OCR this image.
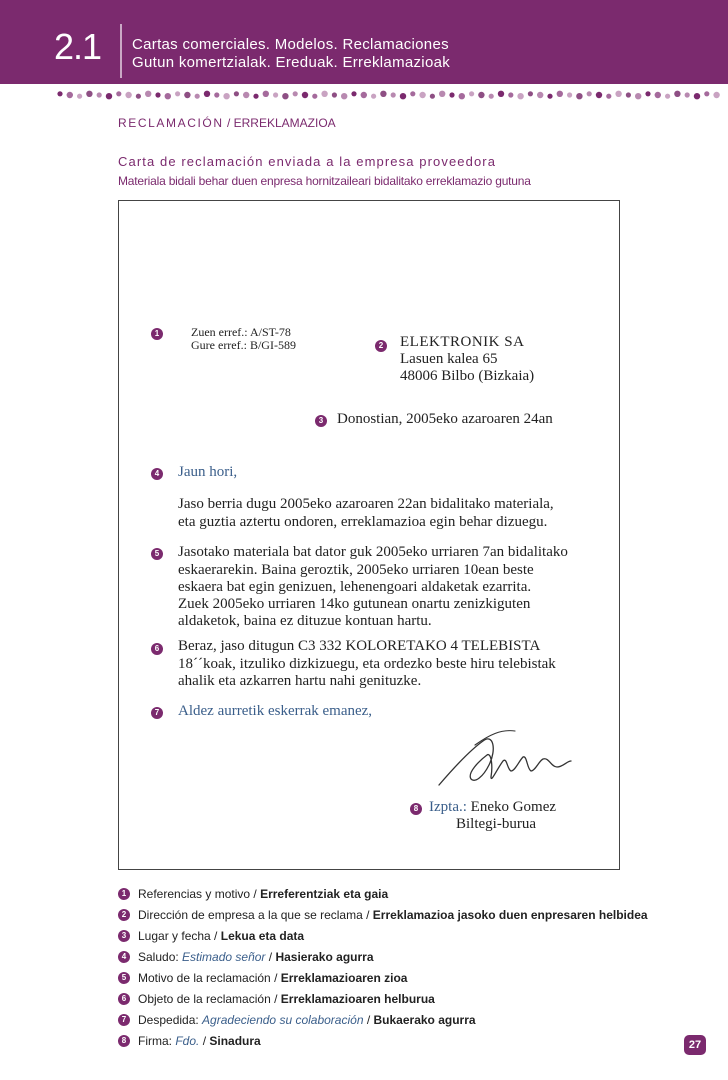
2.1	Cartas comerciales. Modelos. Reclamaciones
Gutun komertzialak. Ereduak. Erreklamazioak
RECLAMACIÓN / ERREKLAMAZIOA
Carta de reclamación enviada a la empresa proveedora
Materiala bidali behar duen enpresa hornitzaileari bidalitako erreklamazio gutuna
1	Zuen erref.: A/ST-78
Gure erref.: B/GI-589	2 ELEKTRONIK SA
Lasuen kalea 65
48006 Bilbo (Bizkaia)
3 Donostian, 2005eko azaroaren 24an
4 Jaun hori,
Jaso berria dugu 2005eko azaroaren 22an bidalitako materiala,
eta guztia aztertu ondoren, erreklamazioa egin behar dizuegu.
5 Jasotako materiala bat dator guk 2005eko urriaren 7an bidalitako
eskaerarekin. Baina geroztik, 2005eko urriaren 10ean beste
eskaera bat egin genizuen, lehenengoari aldaketak ezarrita.
Zuek 2005eko urriaren 14ko gutunean onartu zenizkiguten
aldaketok, baina ez dituzue kontuan hartu.
6 Beraz, jaso ditugun C3 332 KOLORETAKO 4 TELEBISTA
18´´koak, itzuliko dizkizuegu, eta ordezko beste hiru telebistak
ahalik eta azkarren hartu nahi genituzke.
7 Aldez aurretik eskerrak emanez,
8 Izpta.: Eneko Gomez
Biltegi-burua
1 Referencias y motivo / Erreferentziak eta gaia
2 Dirección de empresa a la que se reclama / Erreklamazioa jasoko duen enpresaren helbidea
3 Lugar y fecha / Lekua eta data
4 Saludo: Estimado señor / Hasierako agurra
5 Motivo de la reclamación / Erreklamazioaren zioa
6 Objeto de la reclamación / Erreklamazioaren helburua
7 Despedida: Agradeciendo su colaboración / Bukaerako agurra
8 Firma: Fdo. / Sinadura	27
